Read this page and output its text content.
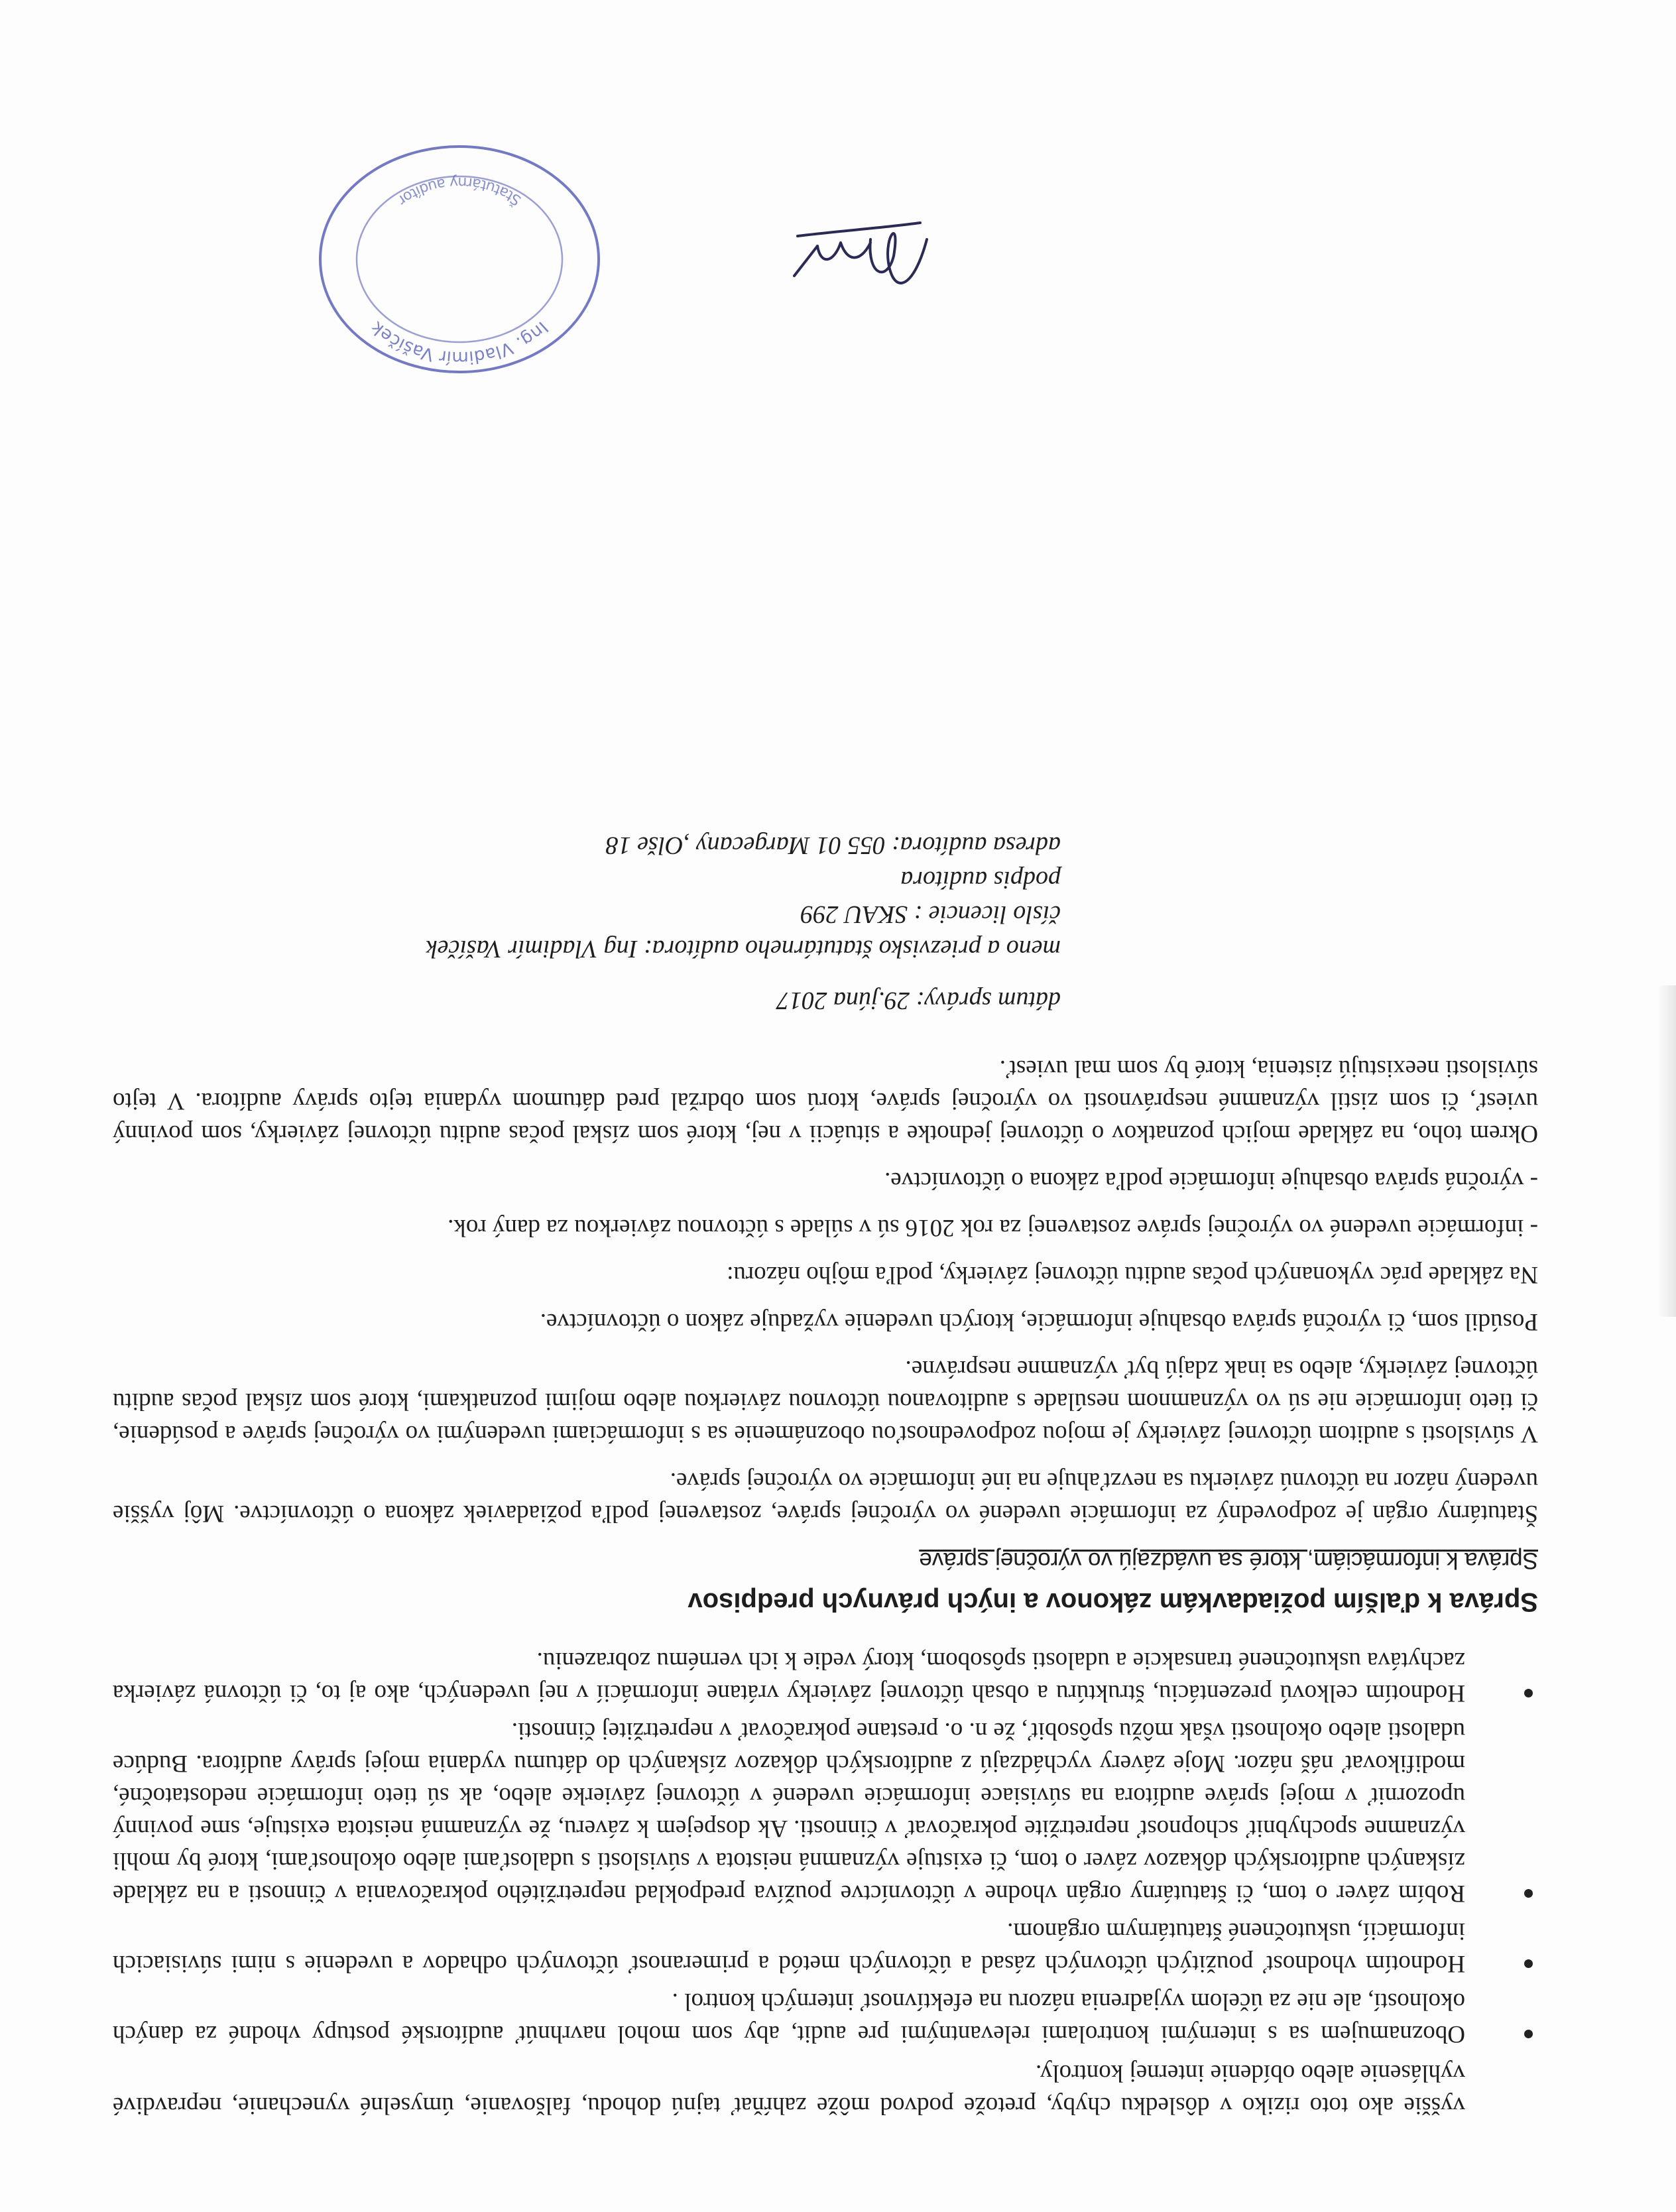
vyššie ako toto riziko v dôsledku chyby, pretože podvod môže zahŕňať tajnú dohodu, falšovanie, úmyselné vynechanie, nepravdivé vyhlásenie alebo obídenie internej kontroly.

Oboznamujem sa s internými kontrolami relevantnými pre audit, aby som mohol navrhnúť audítorské postupy vhodné za daných okolností, ale nie za účelom vyjadrenia názoru na efektívnosť interných kontrol .
Hodnotím vhodnosť použitých účtovných zásad a účtovných metód a primeranosť účtovných odhadov a uvedenie s nimi súvisiacich informácií, uskutočnené štatutárnym orgánom.
Robím záver o tom, či štatutárny orgán vhodne v účtovníctve používa predpoklad nepretržitého pokračovania v činnosti a na základe získaných audítorských dôkazov záver o tom, či existuje významná neistota v súvislosti s udalosťami alebo okolnosťami, ktoré by mohli významne spochybniť schopnosť nepretržite pokračovať v činnosti. Ak dospejem k záveru, že významná neistota existuje, sme povinný upozorniť v mojej správe audítora na súvisiace informácie uvedené v účtovnej závierke alebo, ak sú tieto informácie nedostatočné, modifikovať náš názor. Moje závery vychádzajú z audítorských dôkazov získaných do dátumu vydania mojej správy audítora. Budúce udalosti alebo okolnosti však môžu spôsobiť, že n. o. prestane pokračovať v nepretržitej činnosti.
Hodnotím celkovú prezentáciu, štruktúru a obsah účtovnej závierky vrátane informácií v nej uvedených, ako aj to, či účtovná závierka zachytáva uskutočnené transakcie a udalosti spôsobom, ktorý vedie k ich vernému zobrazeniu.
Správa k ďalším požiadavkám zákonov a iných právnych predpisov
Správa k informáciám, ktoré sa uvádzajú vo výročnej správe

Štatutárny orgán je zodpovedný za informácie uvedené vo výročnej správe, zostavenej podľa požiadaviek zákona o účtovníctve. Môj vyššie uvedený názor na účtovnú závierku sa nevzťahuje na iné informácie vo výročnej správe.

V súvislosti s auditom účtovnej závierky je mojou zodpovednosťou oboznámenie sa s informáciami uvedenými vo výročnej správe a posúdenie, či tieto informácie nie sú vo významnom nesúlade s auditovanou účtovnou závierkou alebo mojimi poznatkami, ktoré som získal počas auditu účtovnej závierky, alebo sa inak zdajú byť významne nesprávne.

Posúdil som, či výročná správa obsahuje informácie, ktorých uvedenie vyžaduje zákon o účtovníctve.

Na základe prác vykonaných počas auditu účtovnej závierky, podľa môjho názoru:

- informácie uvedené vo výročnej správe zostavenej za rok 2016 sú v súlade s účtovnou závierkou za daný rok.
- výročná správa obsahuje informácie podľa zákona o účtovníctve.

Okrem toho, na základe mojich poznatkov o účtovnej jednotke a situácii v nej, ktoré som získal počas auditu účtovnej závierky, som povinný uviesť, či som zistil významné nesprávnosti vo výročnej správe, ktorú som obdržal pred dátumom vydania tejto správy audítora. V tejto súvislosti neexistujú zistenia, ktoré by som mal uviesť.

dátum správy: 29.júna 2017

meno a priezvisko štatutárneho audítora: Ing Vladimír Vašíček

číslo licencie : SKAU 299

podpis audítora

adresa audítora: 055 01 Margecany ,Olše 18

Ing. Vladimír Vašíček
Štatutárny audítor
